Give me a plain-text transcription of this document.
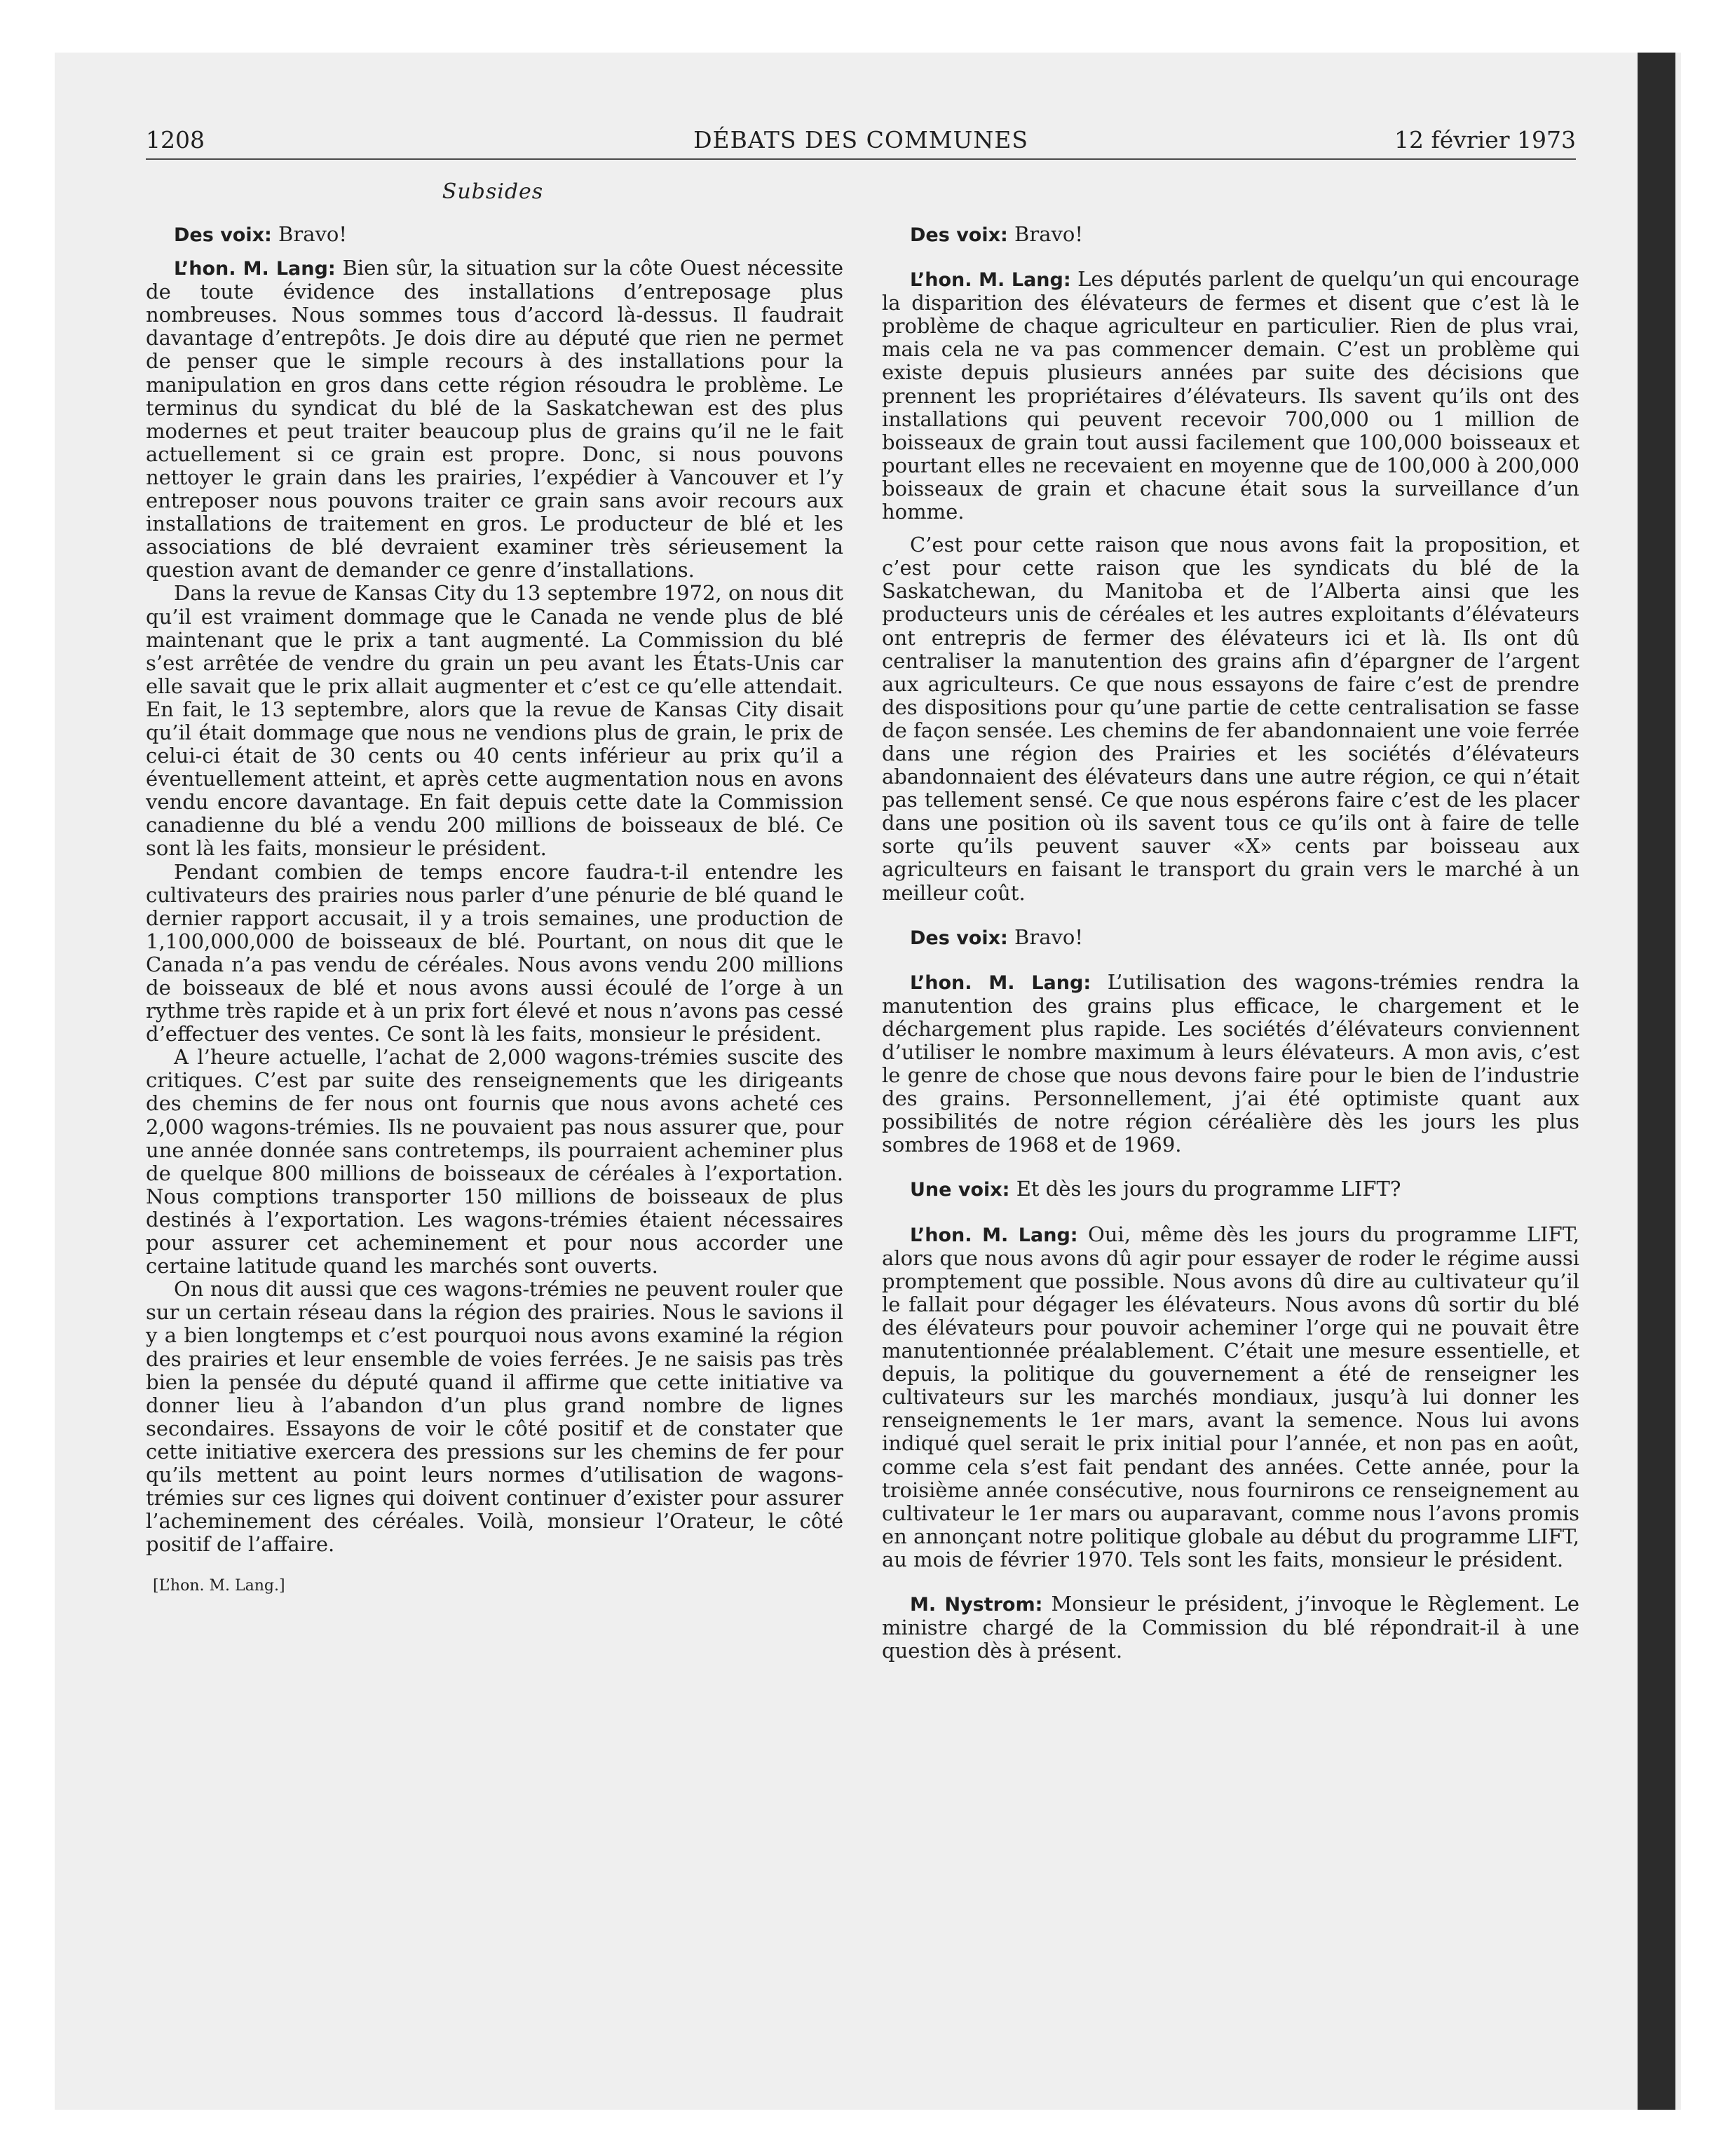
1208	DÉBATS DES COMMUNES	12 février 1973
Subsides

Des voix: Bravo!

L’hon. M. Lang: Bien sûr, la situation sur la côte Ouest nécessite de toute évidence des installations d’entreposage plus nombreuses. Nous sommes tous d’accord là-dessus. Il faudrait davantage d’entrepôts. Je dois dire au député que rien ne permet de penser que le simple recours à des installations pour la manipulation en gros dans cette région résoudra le problème. Le terminus du syndicat du blé de la Saskatchewan est des plus modernes et peut traiter beaucoup plus de grains qu’il ne le fait actuellement si ce grain est propre. Donc, si nous pouvons nettoyer le grain dans les prairies, l’expédier à Vancouver et l’y entreposer nous pouvons traiter ce grain sans avoir recours aux installations de traitement en gros. Le producteur de blé et les associations de blé devraient examiner très sérieusement la question avant de demander ce genre d’installations.

Dans la revue de Kansas City du 13 septembre 1972, on nous dit qu’il est vraiment dommage que le Canada ne vende plus de blé maintenant que le prix a tant augmenté. La Commission du blé s’est arrêtée de vendre du grain un peu avant les États-Unis car elle savait que le prix allait augmenter et c’est ce qu’elle attendait. En fait, le 13 septembre, alors que la revue de Kansas City disait qu’il était dommage que nous ne vendions plus de grain, le prix de celui-ci était de 30 cents ou 40 cents inférieur au prix qu’il a éventuellement atteint, et après cette augmentation nous en avons vendu encore davantage. En fait depuis cette date la Commission canadienne du blé a vendu 200 millions de boisseaux de blé. Ce sont là les faits, monsieur le président.

Pendant combien de temps encore faudra-t-il entendre les cultivateurs des prairies nous parler d’une pénurie de blé quand le dernier rapport accusait, il y a trois semaines, une production de 1,100,000,000 de boisseaux de blé. Pourtant, on nous dit que le Canada n’a pas vendu de céréales. Nous avons vendu 200 millions de boisseaux de blé et nous avons aussi écoulé de l’orge à un rythme très rapide et à un prix fort élevé et nous n’avons pas cessé d’effectuer des ventes. Ce sont là les faits, monsieur le président.

A l’heure actuelle, l’achat de 2,000 wagons-trémies suscite des critiques. C’est par suite des renseignements que les dirigeants des chemins de fer nous ont fournis que nous avons acheté ces 2,000 wagons-trémies. Ils ne pouvaient pas nous assurer que, pour une année donnée sans contretemps, ils pourraient acheminer plus de quelque 800 millions de boisseaux de céréales à l’exportation. Nous comptions transporter 150 millions de boisseaux de plus destinés à l’exportation. Les wagons-trémies étaient nécessaires pour assurer cet acheminement et pour nous accorder une certaine latitude quand les marchés sont ouverts.

On nous dit aussi que ces wagons-trémies ne peuvent rouler que sur un certain réseau dans la région des prairies. Nous le savions il y a bien longtemps et c’est pourquoi nous avons examiné la région des prairies et leur ensemble de voies ferrées. Je ne saisis pas très bien la pensée du député quand il affirme que cette initiative va donner lieu à l’abandon d’un plus grand nombre de lignes secondaires. Essayons de voir le côté positif et de constater que cette initiative exercera des pressions sur les chemins de fer pour qu’ils mettent au point leurs normes d’utilisation de wagons-trémies sur ces lignes qui doivent continuer d’exister pour assurer l’acheminement des céréales. Voilà, monsieur l’Orateur, le côté positif de l’affaire.

[L’hon. M. Lang.]

Des voix: Bravo!

L’hon. M. Lang: Les députés parlent de quelqu’un qui encourage la disparition des élévateurs de fermes et disent que c’est là le problème de chaque agriculteur en particulier. Rien de plus vrai, mais cela ne va pas commencer demain. C’est un problème qui existe depuis plusieurs années par suite des décisions que prennent les propriétaires d’élévateurs. Ils savent qu’ils ont des installations qui peuvent recevoir 700,000 ou 1 million de boisseaux de grain tout aussi facilement que 100,000 boisseaux et pourtant elles ne recevaient en moyenne que de 100,000 à 200,000 boisseaux de grain et chacune était sous la surveillance d’un homme.

C’est pour cette raison que nous avons fait la proposition, et c’est pour cette raison que les syndicats du blé de la Saskatchewan, du Manitoba et de l’Alberta ainsi que les producteurs unis de céréales et les autres exploitants d’élévateurs ont entrepris de fermer des élévateurs ici et là. Ils ont dû centraliser la manutention des grains afin d’épargner de l’argent aux agriculteurs. Ce que nous essayons de faire c’est de prendre des dispositions pour qu’une partie de cette centralisation se fasse de façon sensée. Les chemins de fer abandonnaient une voie ferrée dans une région des Prairies et les sociétés d’élévateurs abandonnaient des élévateurs dans une autre région, ce qui n’était pas tellement sensé. Ce que nous espérons faire c’est de les placer dans une position où ils savent tous ce qu’ils ont à faire de telle sorte qu’ils peuvent sauver «X» cents par boisseau aux agriculteurs en faisant le transport du grain vers le marché à un meilleur coût.

Des voix: Bravo!

L’hon. M. Lang: L’utilisation des wagons-trémies rendra la manutention des grains plus efficace, le chargement et le déchargement plus rapide. Les sociétés d’élévateurs conviennent d’utiliser le nombre maximum à leurs élévateurs. A mon avis, c’est le genre de chose que nous devons faire pour le bien de l’industrie des grains. Personnellement, j’ai été optimiste quant aux possibilités de notre région céréalière dès les jours les plus sombres de 1968 et de 1969.

Une voix: Et dès les jours du programme LIFT?

L’hon. M. Lang: Oui, même dès les jours du programme LIFT, alors que nous avons dû agir pour essayer de roder le régime aussi promptement que possible. Nous avons dû dire au cultivateur qu’il le fallait pour dégager les élévateurs. Nous avons dû sortir du blé des élévateurs pour pouvoir acheminer l’orge qui ne pouvait être manutentionnée préalablement. C’était une mesure essentielle, et depuis, la politique du gouvernement a été de renseigner les cultivateurs sur les marchés mondiaux, jusqu’à lui donner les renseignements le 1er mars, avant la semence. Nous lui avons indiqué quel serait le prix initial pour l’année, et non pas en août, comme cela s’est fait pendant des années. Cette année, pour la troisième année consécutive, nous fournirons ce renseignement au cultivateur le 1er mars ou auparavant, comme nous l’avons promis en annonçant notre politique globale au début du programme LIFT, au mois de février 1970. Tels sont les faits, monsieur le président.

M. Nystrom: Monsieur le président, j’invoque le Règlement. Le ministre chargé de la Commission du blé répondrait-il à une question dès à présent.
